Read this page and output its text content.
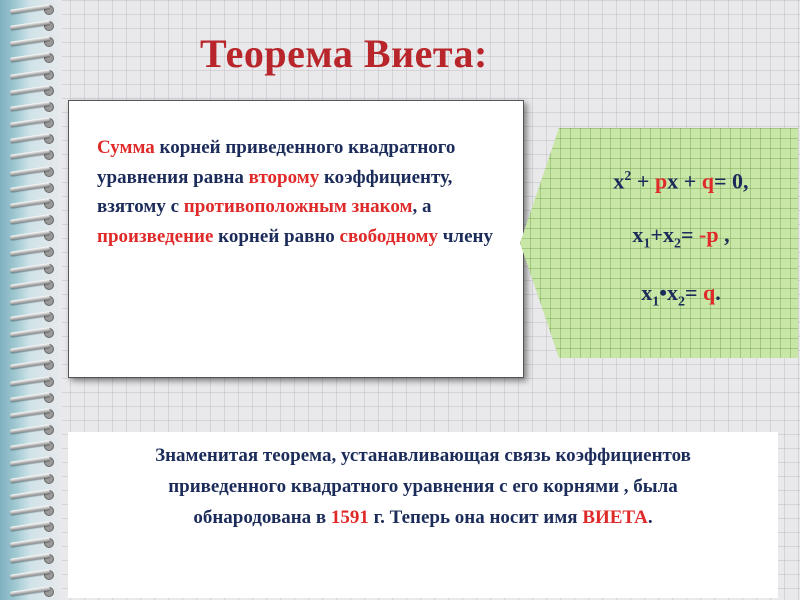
Теорема Виета:

Сумма корней приведенного квадратного уравнения равна второму коэффициенту, взятому с противоположным знаком, а произведение корней равно свободному члену

$x^2$ + px + q= 0,

$x_1+x_2= -p$ ,

$x_1•x_2= q$.

Знаменитая теорема, устанавливающая связь коэффициентов
приведенного квадратного уравнения с его корнями , была
обнародована в 1591 г. Теперь она носит имя ВИЕТА.
